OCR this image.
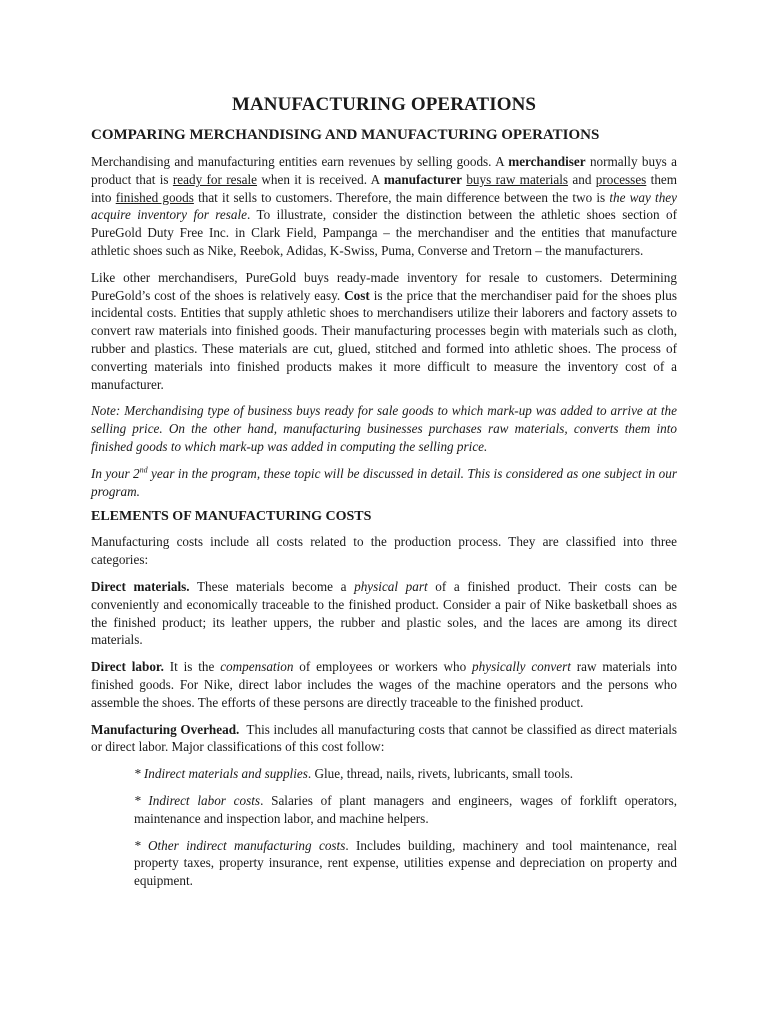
MANUFACTURING OPERATIONS
COMPARING MERCHANDISING AND MANUFACTURING OPERATIONS

Merchandising and manufacturing entities earn revenues by selling goods. A merchandiser normally buys a product that is ready for resale when it is received. A manufacturer buys raw materials and processes them into finished goods that it sells to customers. Therefore, the main difference between the two is the way they acquire inventory for resale. To illustrate, consider the distinction between the athletic shoes section of PureGold Duty Free Inc. in Clark Field, Pampanga – the merchandiser and the entities that manufacture athletic shoes such as Nike, Reebok, Adidas, K-Swiss, Puma, Converse and Tretorn – the manufacturers.

Like other merchandisers, PureGold buys ready-made inventory for resale to customers. Determining PureGold’s cost of the shoes is relatively easy. Cost is the price that the merchandiser paid for the shoes plus incidental costs. Entities that supply athletic shoes to merchandisers utilize their laborers and factory assets to convert raw materials into finished goods. Their manufacturing processes begin with materials such as cloth, rubber and plastics. These materials are cut, glued, stitched and formed into athletic shoes. The process of converting materials into finished products makes it more difficult to measure the inventory cost of a manufacturer.

Note: Merchandising type of business buys ready for sale goods to which mark-up was added to arrive at the selling price. On the other hand, manufacturing businesses purchases raw materials, converts them into finished goods to which mark-up was added in computing the selling price.

In your 2nd year in the program, these topic will be discussed in detail. This is considered as one subject in our program.

ELEMENTS OF MANUFACTURING COSTS

Manufacturing costs include all costs related to the production process. They are classified into three categories:

Direct materials. These materials become a physical part of a finished product. Their costs can be conveniently and economically traceable to the finished product. Consider a pair of Nike basketball shoes as the finished product; its leather uppers, the rubber and plastic soles, and the laces are among its direct materials.

Direct labor. It is the compensation of employees or workers who physically convert raw materials into finished goods. For Nike, direct labor includes the wages of the machine operators and the persons who assemble the shoes. The efforts of these persons are directly traceable to the finished product.

Manufacturing Overhead.  This includes all manufacturing costs that cannot be classified as direct materials or direct labor. Major classifications of this cost follow:

* Indirect materials and supplies. Glue, thread, nails, rivets, lubricants, small tools.

* Indirect labor costs. Salaries of plant managers and engineers, wages of forklift operators, maintenance and inspection labor, and machine helpers.

* Other indirect manufacturing costs. Includes building, machinery and tool maintenance, real property taxes, property insurance, rent expense, utilities expense and depreciation on property and equipment.
